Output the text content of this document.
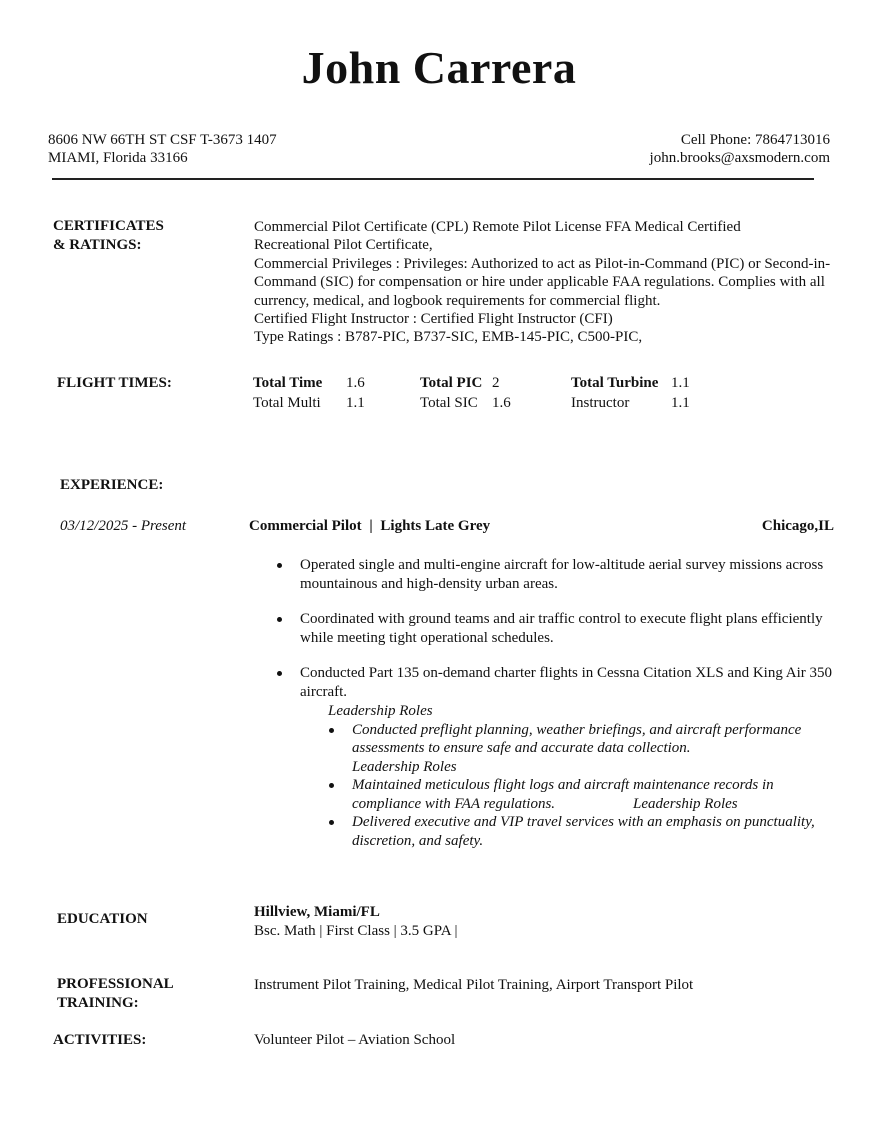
John Carrera
8606 NW 66TH ST CSF T-3673 1407
MIAMI, Florida 33166
Cell Phone: 7864713016
john.brooks@axsmodern.com
CERTIFICATES
& RATINGS:
Commercial Pilot Certificate (CPL) Remote Pilot License FFA Medical Certified
Recreational Pilot Certificate,
Commercial Privileges : Privileges: Authorized to act as Pilot-in-Command (PIC) or Second-in-
Command (SIC) for compensation or hire under applicable FAA regulations. Complies with all
currency, medical, and logbook requirements for commercial flight.
Certified Flight Instructor : Certified Flight Instructor (CFI)
Type Ratings : B787-PIC, B737-SIC, EMB-145-PIC, C500-PIC,
FLIGHT TIMES:	Total Time 1.6	Total PIC 2	Total Turbine 1.1
Total Multi 1.1	Total SIC 1.6	Instructor	1.1
EXPERIENCE:
03/12/2025 - Present	Commercial Pilot | Lights Late Grey	Chicago,IL
Operated single and multi-engine aircraft for low-altitude aerial survey missions across mountainous and high-density urban areas.
Coordinated with ground teams and air traffic control to execute flight plans efficiently while meeting tight operational schedules.
Conducted Part 135 on-demand charter flights in Cessna Citation XLS and King Air 350 aircraft.
Leadership Roles
Conducted preflight planning, weather briefings, and aircraft performance assessments to ensure safe and accurate data collection.
Leadership Roles
Maintained meticulous flight logs and aircraft maintenance records in compliance with FAA regulations.	Leadership Roles
Delivered executive and VIP travel services with an emphasis on punctuality, discretion, and safety.
EDUCATION	Hillview, Miami/FL
Bsc. Math | First Class | 3.5 GPA |
PROFESSIONAL
TRAINING:
Instrument Pilot Training, Medical Pilot Training, Airport Transport Pilot
ACTIVITIES:	Volunteer Pilot – Aviation School
